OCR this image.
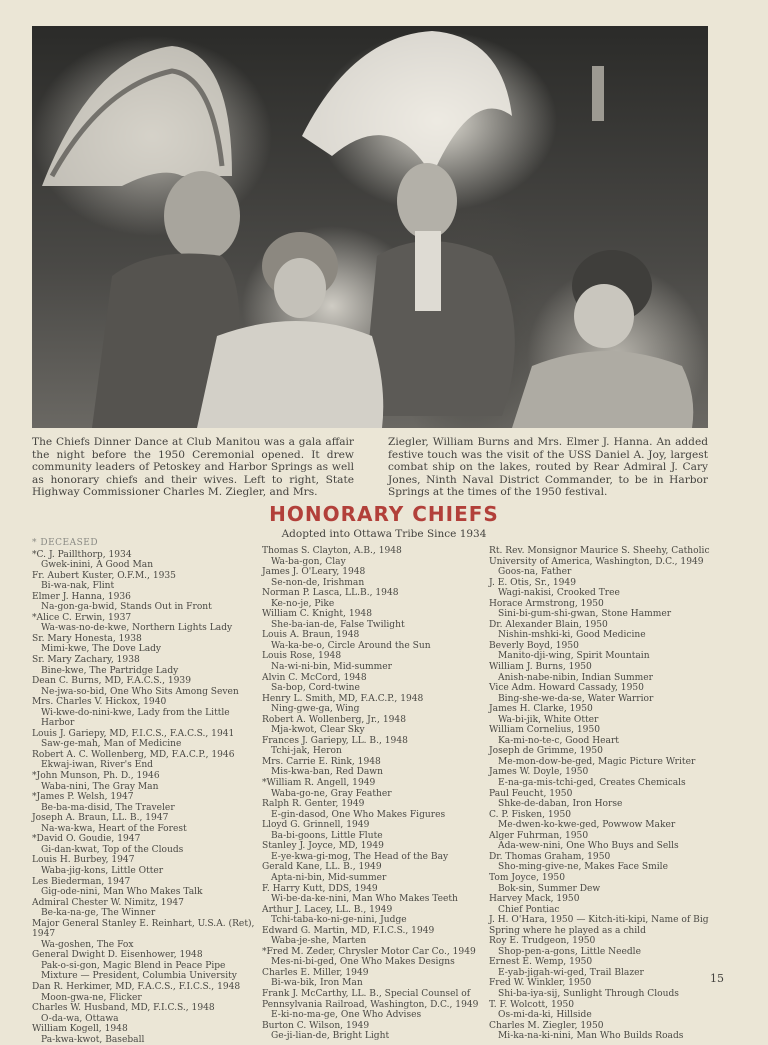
The Chiefs Dinner Dance at Club Manitou was a gala affair the night before the 1950 Ceremonial opened. It drew community leaders of Petoskey and Harbor Springs as well as honorary chiefs and their wives. Left to right, State Highway Commissioner Charles M. Ziegler, and Mrs.
Ziegler, William Burns and Mrs. Elmer J. Hanna. An added festive touch was the visit of the USS Daniel A. Joy, largest combat ship on the lakes, routed by Rear Admiral J. Cary Jones, Ninth Naval District Commander, to be in Harbor Springs at the times of the 1950 festival.
HONORARY CHIEFS
Adopted into Ottawa Tribe Since 1934
* DECEASED
*C. J. Paillthorp, 1934
Gwek-inini, A Good Man
Fr. Aubert Kuster, O.F.M., 1935
Bi-wa-nak, Flint
Elmer J. Hanna, 1936
Na-gon-ga-bwid, Stands Out in Front
*Alice C. Erwin, 1937
Wa-was-no-de-kwe, Northern Lights Lady
Sr. Mary Honesta, 1938
Mimi-kwe, The Dove Lady
Sr. Mary Zachary, 1938
Bine-kwe, The Partridge Lady
Dean C. Burns, MD, F.A.C.S., 1939
Ne-jwa-so-bid, One Who Sits Among Seven
Mrs. Charles V. Hickox, 1940
Wi-kwe-do-nini-kwe, Lady from the Little Harbor
Louis J. Gariepy, MD, F.I.C.S., F.A.C.S., 1941
Saw-ge-mah, Man of Medicine
Robert A. C. Wollenberg, MD, F.A.C.P., 1946
Ekwaj-iwan, River's End
*John Munson, Ph. D., 1946
Waba-nini, The Gray Man
*James P. Welsh, 1947
Be-ba-ma-disid, The Traveler
Joseph A. Braun, LL. B., 1947
Na-wa-kwa, Heart of the Forest
*David O. Goudie, 1947
Gi-dan-kwat, Top of the Clouds
Louis H. Burbey, 1947
Waba-jig-kons, Little Otter
Les Biederman, 1947
Gig-ode-nini, Man Who Makes Talk
Admiral Chester W. Nimitz, 1947
Be-ka-na-ge, The Winner
Major General Stanley E. Reinhart, U.S.A. (Ret), 1947
Wa-goshen, The Fox
General Dwight D. Eisenhower, 1948
Pak-o-si-gon, Magic Blend in Peace Pipe Mixture — President, Columbia University
Dan R. Herkimer, MD, F.A.C.S., F.I.C.S., 1948
Moon-gwa-ne, Flicker
Charles W. Husband, MD, F.I.C.S., 1948
O-da-wa, Ottawa
William Kogell, 1948
Pa-kwa-kwot, Baseball
Thomas S. Clayton, A.B., 1948
Wa-ba-gon, Clay
James J. O'Leary, 1948
Se-non-de, Irishman
Norman P. Lasca, LL.B., 1948
Ke-no-je, Pike
William C. Knight, 1948
She-ba-ian-de, False Twilight
Louis A. Braun, 1948
Wa-ka-be-o, Circle Around the Sun
Louis Rose, 1948
Na-wi-ni-bin, Mid-summer
Alvin C. McCord, 1948
Sa-bop, Cord-twine
Henry L. Smith, MD, F.A.C.P., 1948
Ning-gwe-ga, Wing
Robert A. Wollenberg, Jr., 1948
Mja-kwot, Clear Sky
Frances J. Gariepy, LL. B., 1948
Tchi-jak, Heron
Mrs. Carrie E. Rink, 1948
Mis-kwa-ban, Red Dawn
*William R. Angell, 1949
Waba-go-ne, Gray Feather
Ralph R. Genter, 1949
E-gin-dasod, One Who Makes Figures
Lloyd G. Grinnell, 1949
Ba-bi-goons, Little Flute
Stanley J. Joyce, MD, 1949
E-ye-kwa-gi-mog, The Head of the Bay
Gerald Kane, LL. B., 1949
Apta-ni-bin, Mid-summer
F. Harry Kutt, DDS, 1949
Wi-be-da-ke-nini, Man Who Makes Teeth
Arthur J. Lacey, LL. B., 1949
Tchi-taba-ko-ni-ge-nini, Judge
Edward G. Martin, MD, F.I.C.S., 1949
Waba-je-she, Marten
*Fred M. Zeder, Chrysler Motor Car Co., 1949
Mes-ni-bi-ged, One Who Makes Designs
Charles E. Miller, 1949
Bi-wa-bik, Iron Man
Frank J. McCarthy, LL. B., Special Counsel of Pennsylvania Railroad, Washington, D.C., 1949
E-ki-no-ma-ge, One Who Advises
Burton C. Wilson, 1949
Ge-ji-lian-de, Bright Light
Rt. Rev. Monsignor Maurice S. Sheehy, Catholic University of America, Washington, D.C., 1949
Goos-na, Father
J. E. Otis, Sr., 1949
Wagi-nakisi, Crooked Tree
Horace Armstrong, 1950
Sini-bi-gum-shi-gwan, Stone Hammer
Dr. Alexander Blain, 1950
Nishin-mshki-ki, Good Medicine
Beverly Boyd, 1950
Manito-dji-wing, Spirit Mountain
William J. Burns, 1950
Anish-nabe-nibin, Indian Summer
Vice Adm. Howard Cassady, 1950
Bing-she-we-da-se, Water Warrior
James H. Clarke, 1950
Wa-bi-jik, White Otter
William Cornelius, 1950
Ka-mi-no-te-c, Good Heart
Joseph de Grimme, 1950
Me-mon-dow-be-ged, Magic Picture Writer
James W. Doyle, 1950
E-na-ga-mis-tchi-ged, Creates Chemicals
Paul Feucht, 1950
Shke-de-daban, Iron Horse
C. P. Fisken, 1950
Me-dwen-ko-kwe-ged, Powwow Maker
Alger Fuhrman, 1950
Ada-wew-nini, One Who Buys and Sells
Dr. Thomas Graham, 1950
Sho-ming-give-ne, Makes Face Smile
Tom Joyce, 1950
Bok-sin, Summer Dew
Harvey Mack, 1950
Chief Pontiac
J. H. O'Hara, 1950 — Kitch-iti-kipi, Name of Big Spring where he played as a child
Roy E. Trudgeon, 1950
Shop-pen-a-gons, Little Needle
Ernest E. Wemp, 1950
E-yab-jigah-wi-ged, Trail Blazer
Fred W. Winkler, 1950
Shi-ba-iya-sij, Sunlight Through Clouds
T. F. Wolcott, 1950
Os-mi-da-ki, Hillside
Charles M. Ziegler, 1950
Mi-ka-na-ki-nini, Man Who Builds Roads
15
